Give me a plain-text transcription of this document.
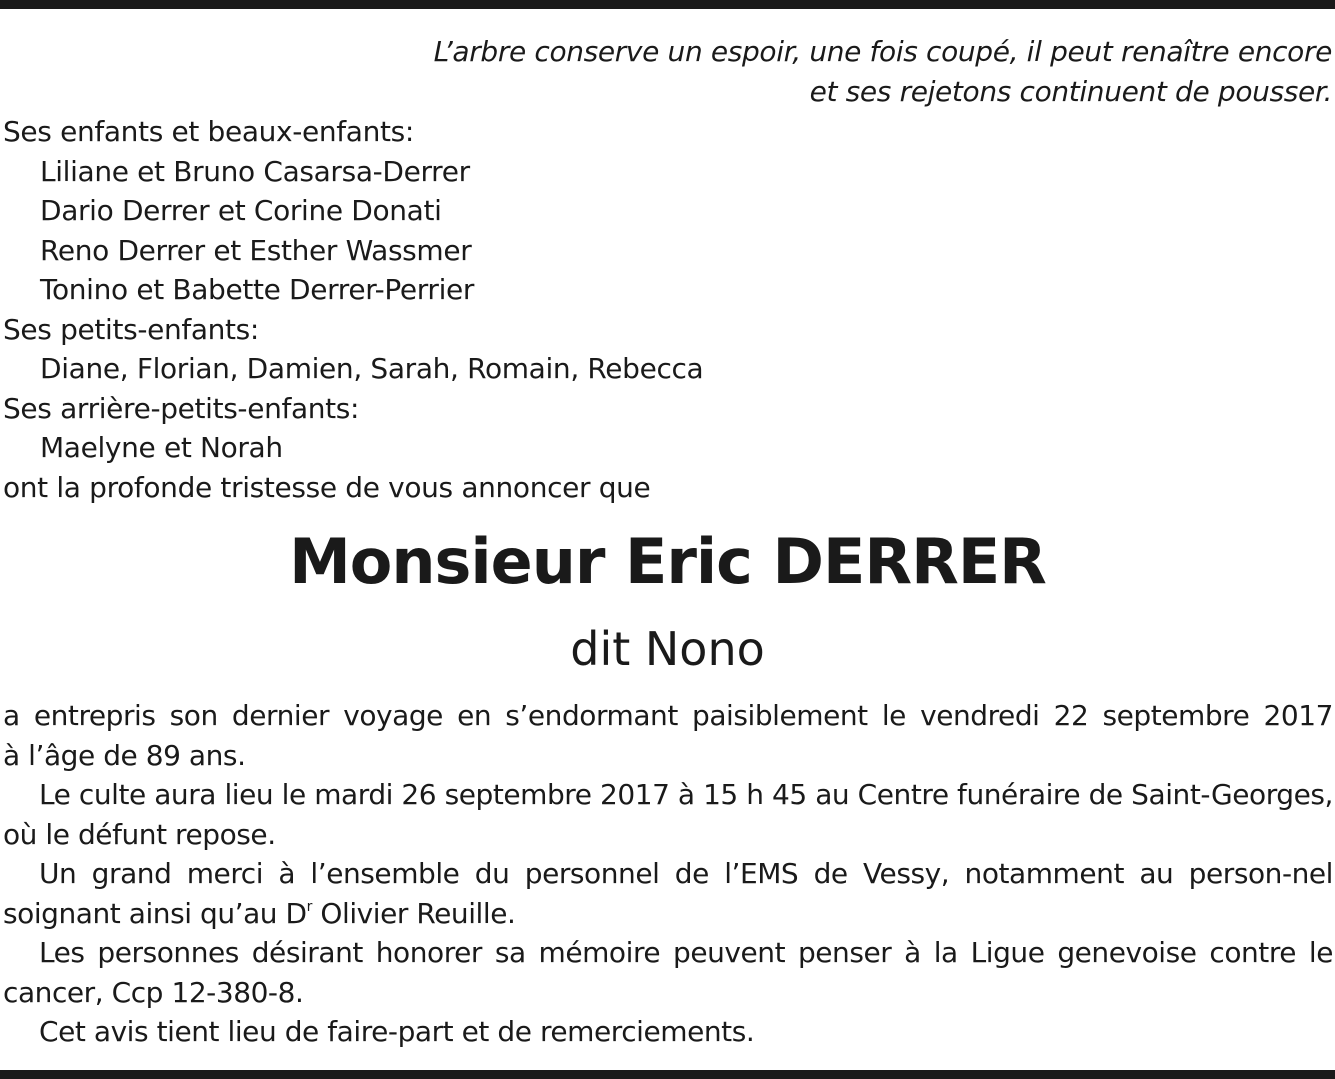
L’arbre conserve un espoir, une fois coupé, il peut renaître encore
et ses rejetons continuent de pousser.
Ses enfants et beaux-enfants:
Liliane et Bruno Casarsa-Derrer
Dario Derrer et Corine Donati
Reno Derrer et Esther Wassmer
Tonino et Babette Derrer-Perrier
Ses petits-enfants:
Diane, Florian, Damien, Sarah, Romain, Rebecca
Ses arrière-petits-enfants:
Maelyne et Norah
ont la profonde tristesse de vous annoncer que
Monsieur Eric DERRER
dit Nono

a entrepris son dernier voyage en s’endormant paisiblement le vendredi 22 septembre 2017
à l’âge de 89 ans.

Le culte aura lieu le mardi 26 septembre 2017 à 15 h 45 au Centre funéraire de Saint-Georges, où le défunt repose.

Un grand merci à l’ensemble du personnel de l’EMS de Vessy, notamment au person-nel soignant ainsi qu’au $D^r$ Olivier Reuille.

Les personnes désirant honorer sa mémoire peuvent penser à la Ligue genevoise contre le cancer, Ccp 12-380-8.

Cet avis tient lieu de faire-part et de remerciements.
